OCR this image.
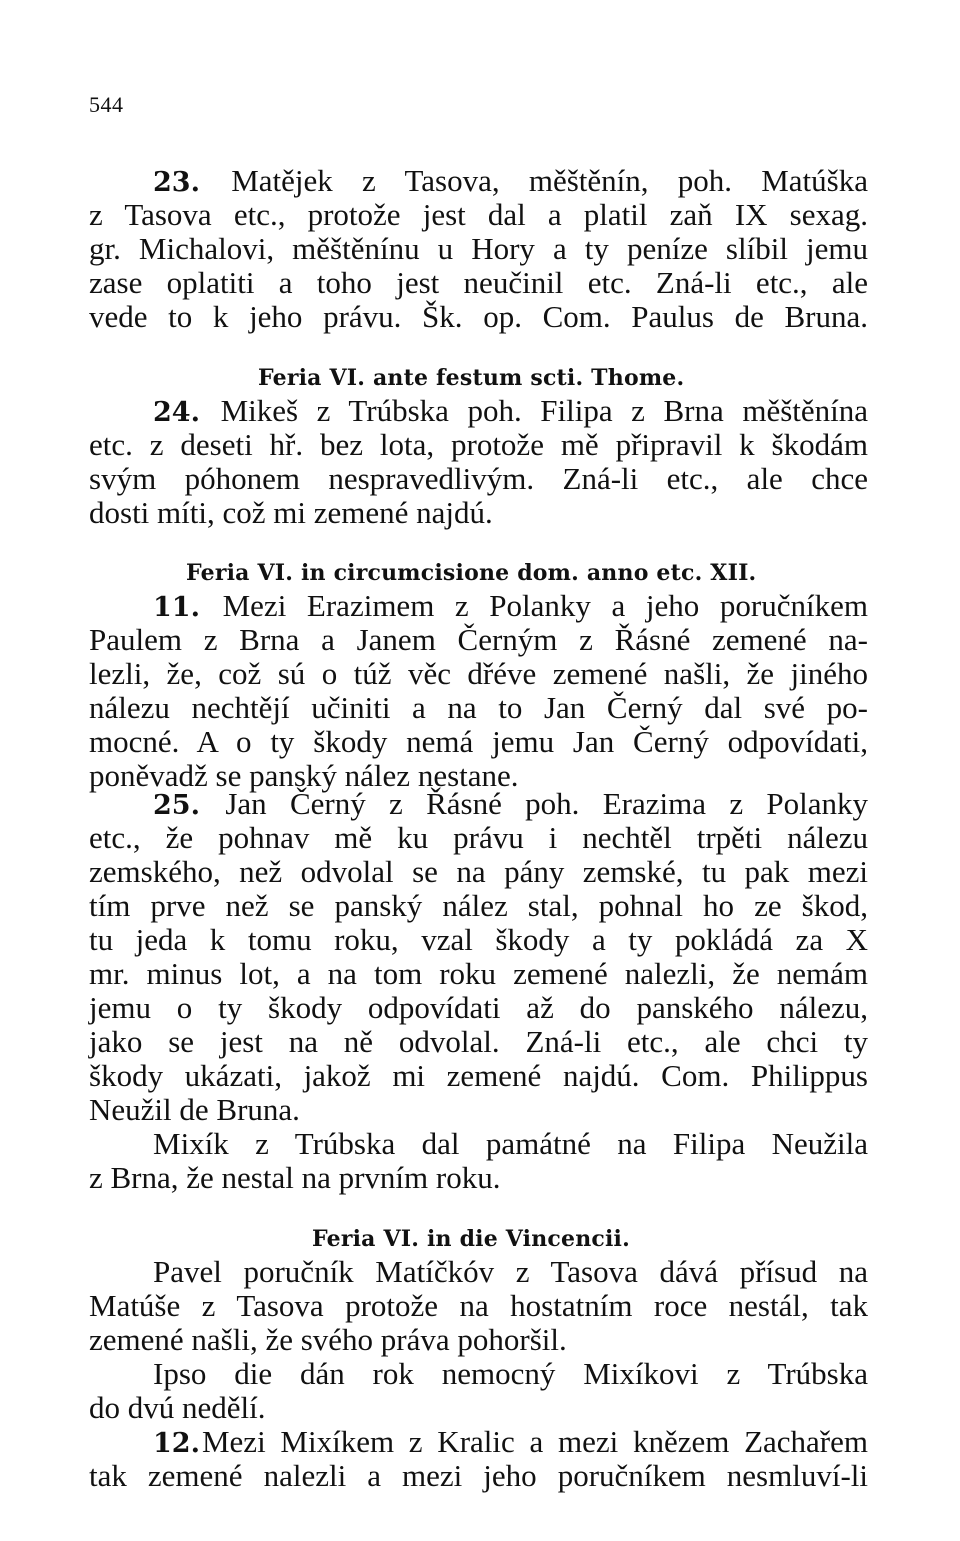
544
23. Matějek z Tasova, měštěnín, poh. Matúška
z Tasova etc., protože jest dal a platil zaň IX sexag.
gr. Michalovi, měštěnínu u Hory a ty peníze slíbil jemu
zase oplatiti a toho jest neučinil etc. Zná-li etc., ale
vede to k jeho právu. Šk. op. Com. Paulus de Bruna.
Feria VI. ante festum scti. Thome.
24. Mikeš z Trúbska poh. Filipa z Brna měštěnína
etc. z deseti hř. bez lota, protože mě připravil k škodám
svým póhonem nespravedlivým. Zná-li etc., ale chce
dosti míti, což mi zemené najdú.
Feria VI. in circumcisione dom. anno etc. XII.
11. Mezi Erazimem z Polanky a jeho poručníkem
Paulem z Brna a Janem Černým z Řásné zemené na-
lezli, že, což sú o túž věc dřéve zemené našli, že jiného
nálezu nechtějí učiniti a na to Jan Černý dal své po-
mocné. A o ty škody nemá jemu Jan Černý odpovídati,
poněvadž se panský nález nestane.
25. Jan Černý z Řásné poh. Erazima z Polanky
etc., že pohnav mě ku právu i nechtěl trpěti nálezu
zemského, než odvolal se na pány zemské, tu pak mezi
tím prve než se panský nález stal, pohnal ho ze škod,
tu jeda k tomu roku, vzal škody a ty pokládá za X
mr. minus lot, a na tom roku zemené nalezli, že nemám
jemu o ty škody odpovídati až do panského nálezu,
jako se jest na ně odvolal. Zná-li etc., ale chci ty
škody ukázati, jakož mi zemené najdú. Com. Philippus
Neužil de Bruna.
Mixík z Trúbska dal památné na Filipa Neužila
z Brna, že nestal na prvním roku.
Feria VI. in die Vincencii.
Pavel poručník Matíčkóv z Tasova dává přísud na
Matúše z Tasova protože na hostatním roce nestál, tak
zemené našli, že svého práva pohoršil.
Ipso die dán rok nemocný Mixíkovi z Trúbska
do dvú nedělí.
12.Mezi Mixíkem z Kralic a mezi knězem Zachařem
tak zemené nalezli a mezi jeho poručníkem nesmluví-li
